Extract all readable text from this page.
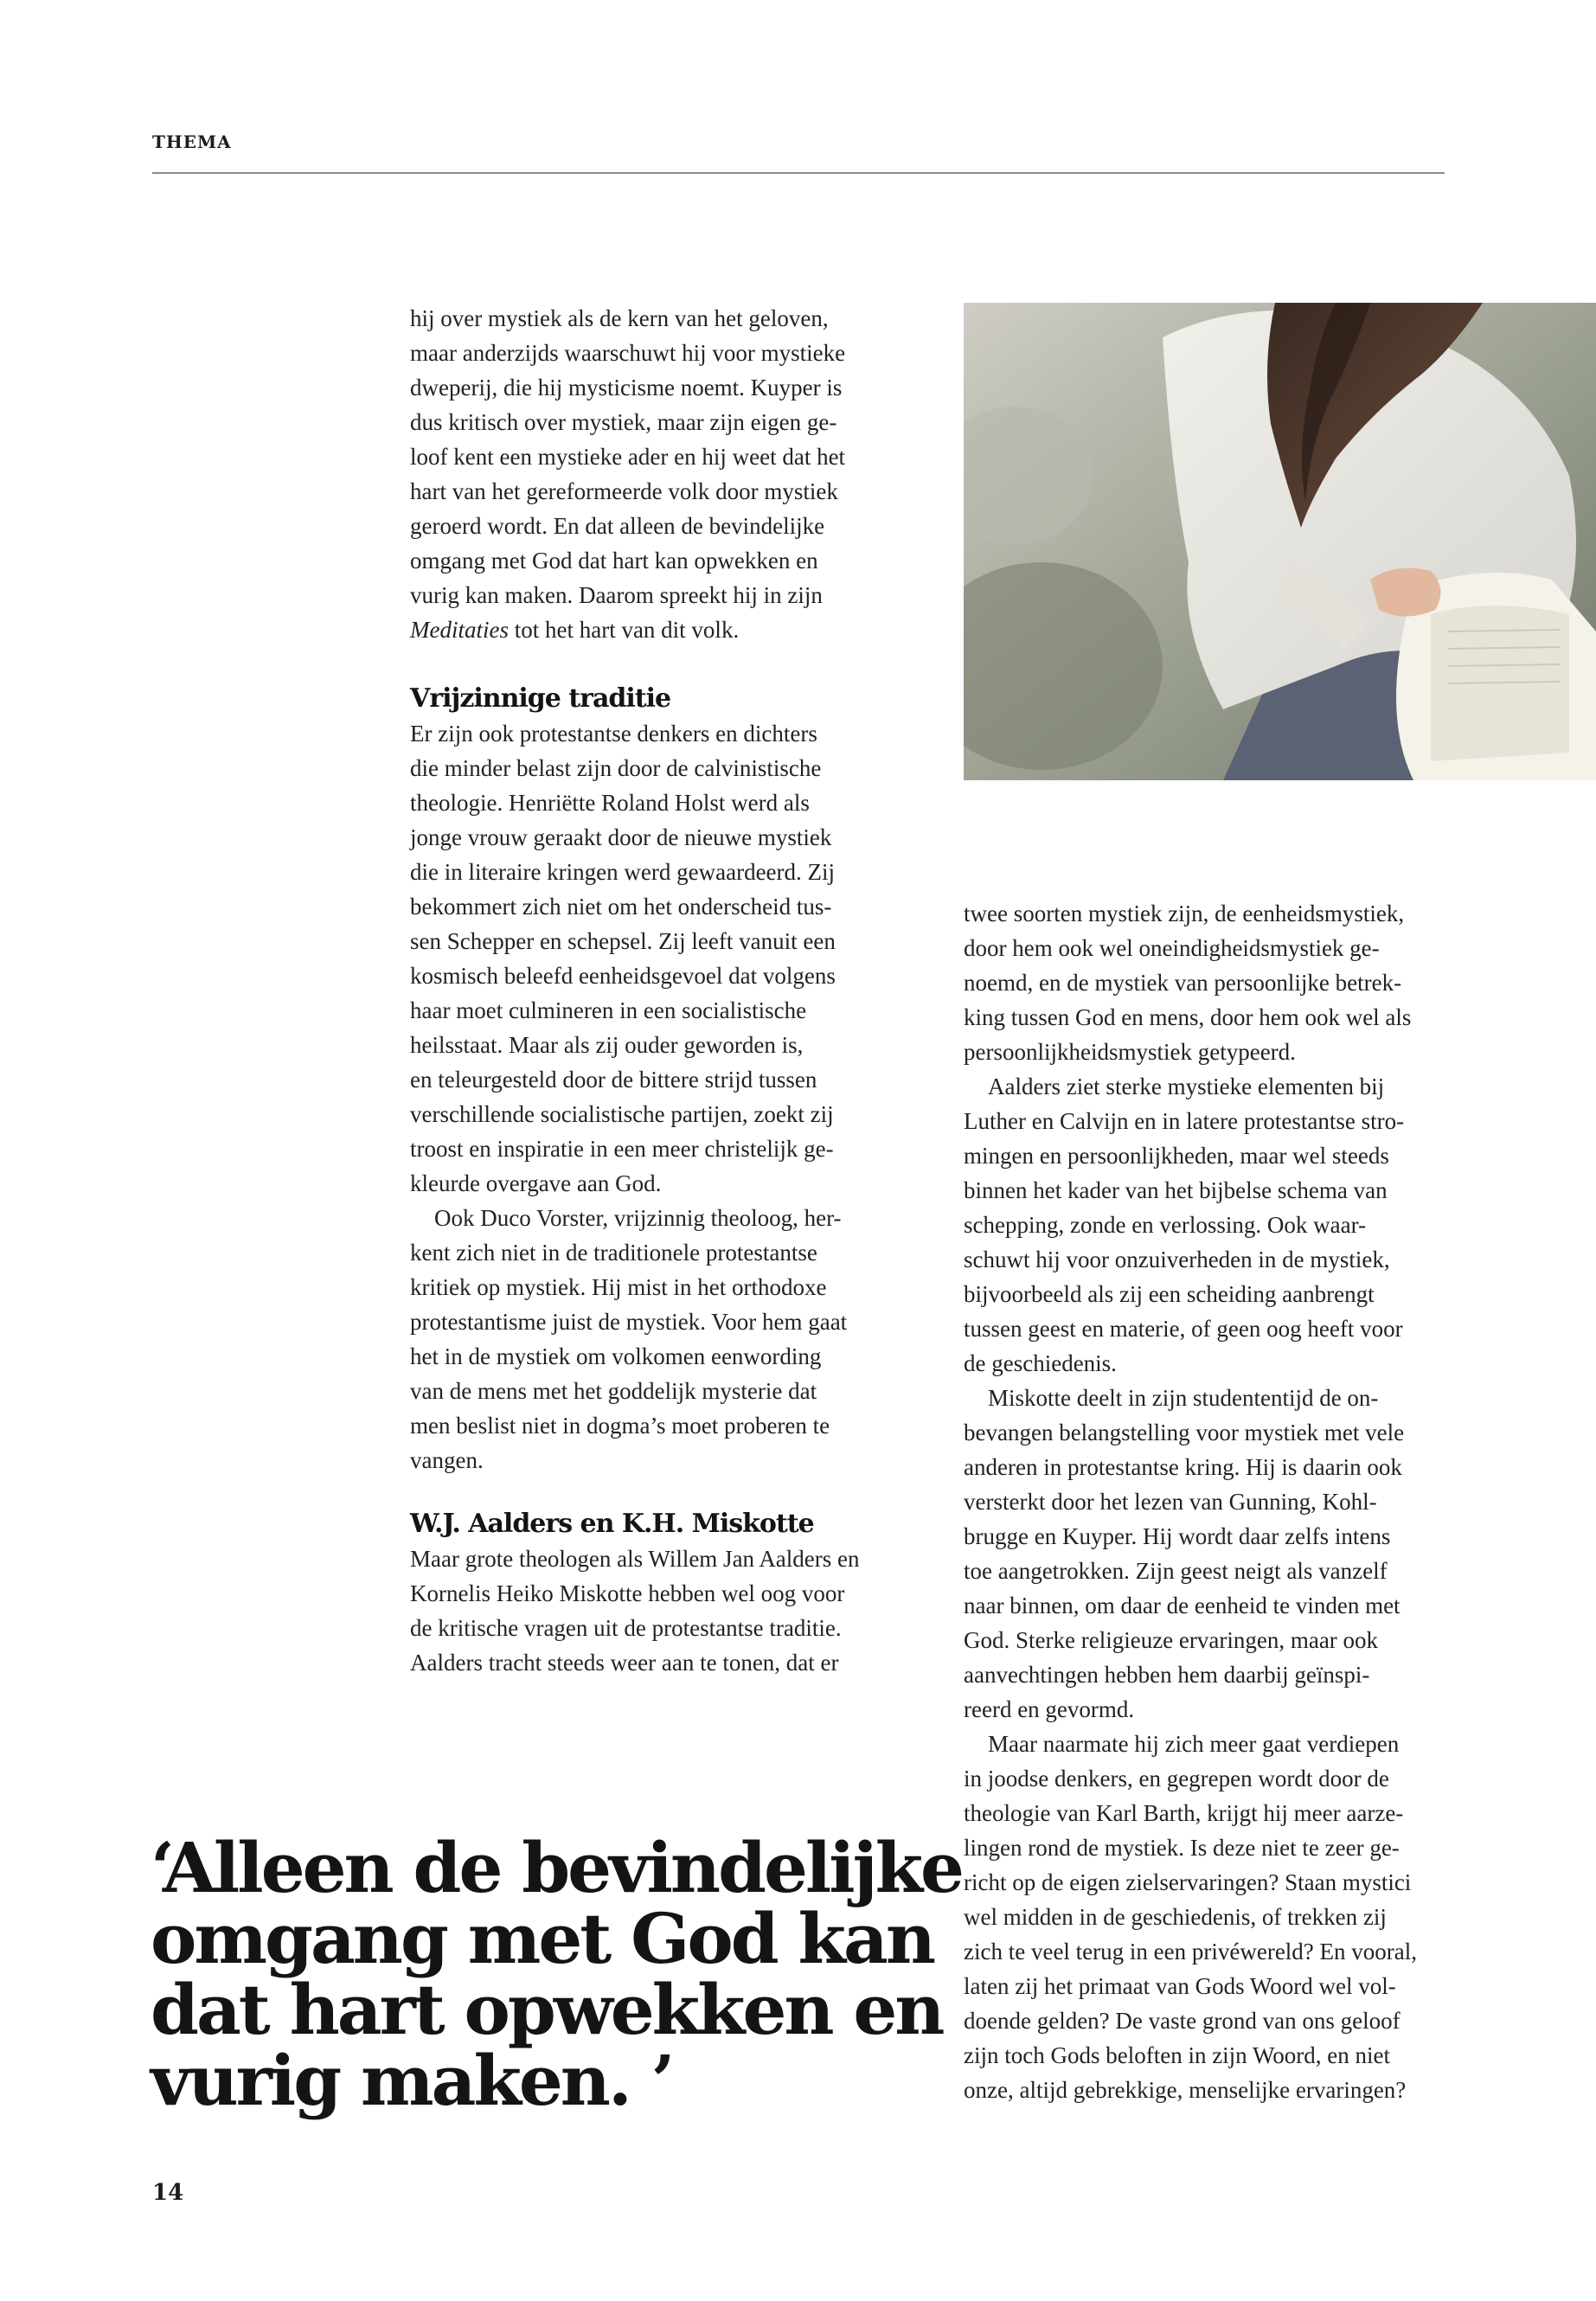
THEMA

hij over mystiek als de kern van het geloven,
maar anderzijds waarschuwt hij voor mystieke
dweperij, die hij mysticisme noemt. Kuyper is
dus kritisch over mystiek, maar zijn eigen ge-
loof kent een mystieke ader en hij weet dat het
hart van het gereformeerde volk door mystiek
geroerd wordt. En dat alleen de bevindelijke
omgang met God dat hart kan opwekken en
vurig kan maken. Daarom spreekt hij in zijn
Meditaties tot het hart van dit volk.

Vrijzinnige traditie

Er zijn ook protestantse denkers en dichters
die minder belast zijn door de calvinistische
theologie. Henriëtte Roland Holst werd als
jonge vrouw geraakt door de nieuwe mystiek
die in literaire kringen werd gewaardeerd. Zij
bekommert zich niet om het onderscheid tus-
sen Schepper en schepsel. Zij leeft vanuit een
kosmisch beleefd eenheidsgevoel dat volgens
haar moet culmineren in een socialistische
heilsstaat. Maar als zij ouder geworden is,
en teleurgesteld door de bittere strijd tussen
verschillende socialistische partijen, zoekt zij
troost en inspiratie in een meer christelijk ge-
kleurde overgave aan God.

Ook Duco Vorster, vrijzinnig theoloog, her-
kent zich niet in de traditionele protestantse
kritiek op mystiek. Hij mist in het orthodoxe
protestantisme juist de mystiek. Voor hem gaat
het in de mystiek om volkomen eenwording
van de mens met het goddelijk mysterie dat
men beslist niet in dogma’s moet proberen te
vangen.

W.J. Aalders en K.H. Miskotte

Maar grote theologen als Willem Jan Aalders en
Kornelis Heiko Miskotte hebben wel oog voor
de kritische vragen uit de protestantse traditie.
Aalders tracht steeds weer aan te tonen, dat er

twee soorten mystiek zijn, de eenheidsmystiek,
door hem ook wel oneindigheidsmystiek ge-
noemd, en de mystiek van persoonlijke betrek-
king tussen God en mens, door hem ook wel als
persoonlijkheidsmystiek getypeerd.

Aalders ziet sterke mystieke elementen bij
Luther en Calvijn en in latere protestantse stro-
mingen en persoonlijkheden, maar wel steeds
binnen het kader van het bijbelse schema van
schepping, zonde en verlossing. Ook waar-
schuwt hij voor onzuiverheden in de mystiek,
bijvoorbeeld als zij een scheiding aanbrengt
tussen geest en materie, of geen oog heeft voor
de geschiedenis.

Miskotte deelt in zijn studententijd de on-
bevangen belangstelling voor mystiek met vele
anderen in protestantse kring. Hij is daarin ook
versterkt door het lezen van Gunning, Kohl-
brugge en Kuyper. Hij wordt daar zelfs intens
toe aangetrokken. Zijn geest neigt als vanzelf
naar binnen, om daar de eenheid te vinden met
God. Sterke religieuze ervaringen, maar ook
aanvechtingen hebben hem daarbij geïnspi-
reerd en gevormd.

Maar naarmate hij zich meer gaat verdiepen
in joodse denkers, en gegrepen wordt door de
theologie van Karl Barth, krijgt hij meer aarze-
lingen rond de mystiek. Is deze niet te zeer ge-
richt op de eigen zielservaringen? Staan mystici
wel midden in de geschiedenis, of trekken zij
zich te veel terug in een privéwereld? En vooral,
laten zij het primaat van Gods Woord wel vol-
doende gelden? De vaste grond van ons geloof
zijn toch Gods beloften in zijn Woord, en niet
onze, altijd gebrekkige, menselijke ervaringen?

‘Alleen de bevindelijke
omgang met God kan
dat hart opwekken en
vurig maken. ’
14
